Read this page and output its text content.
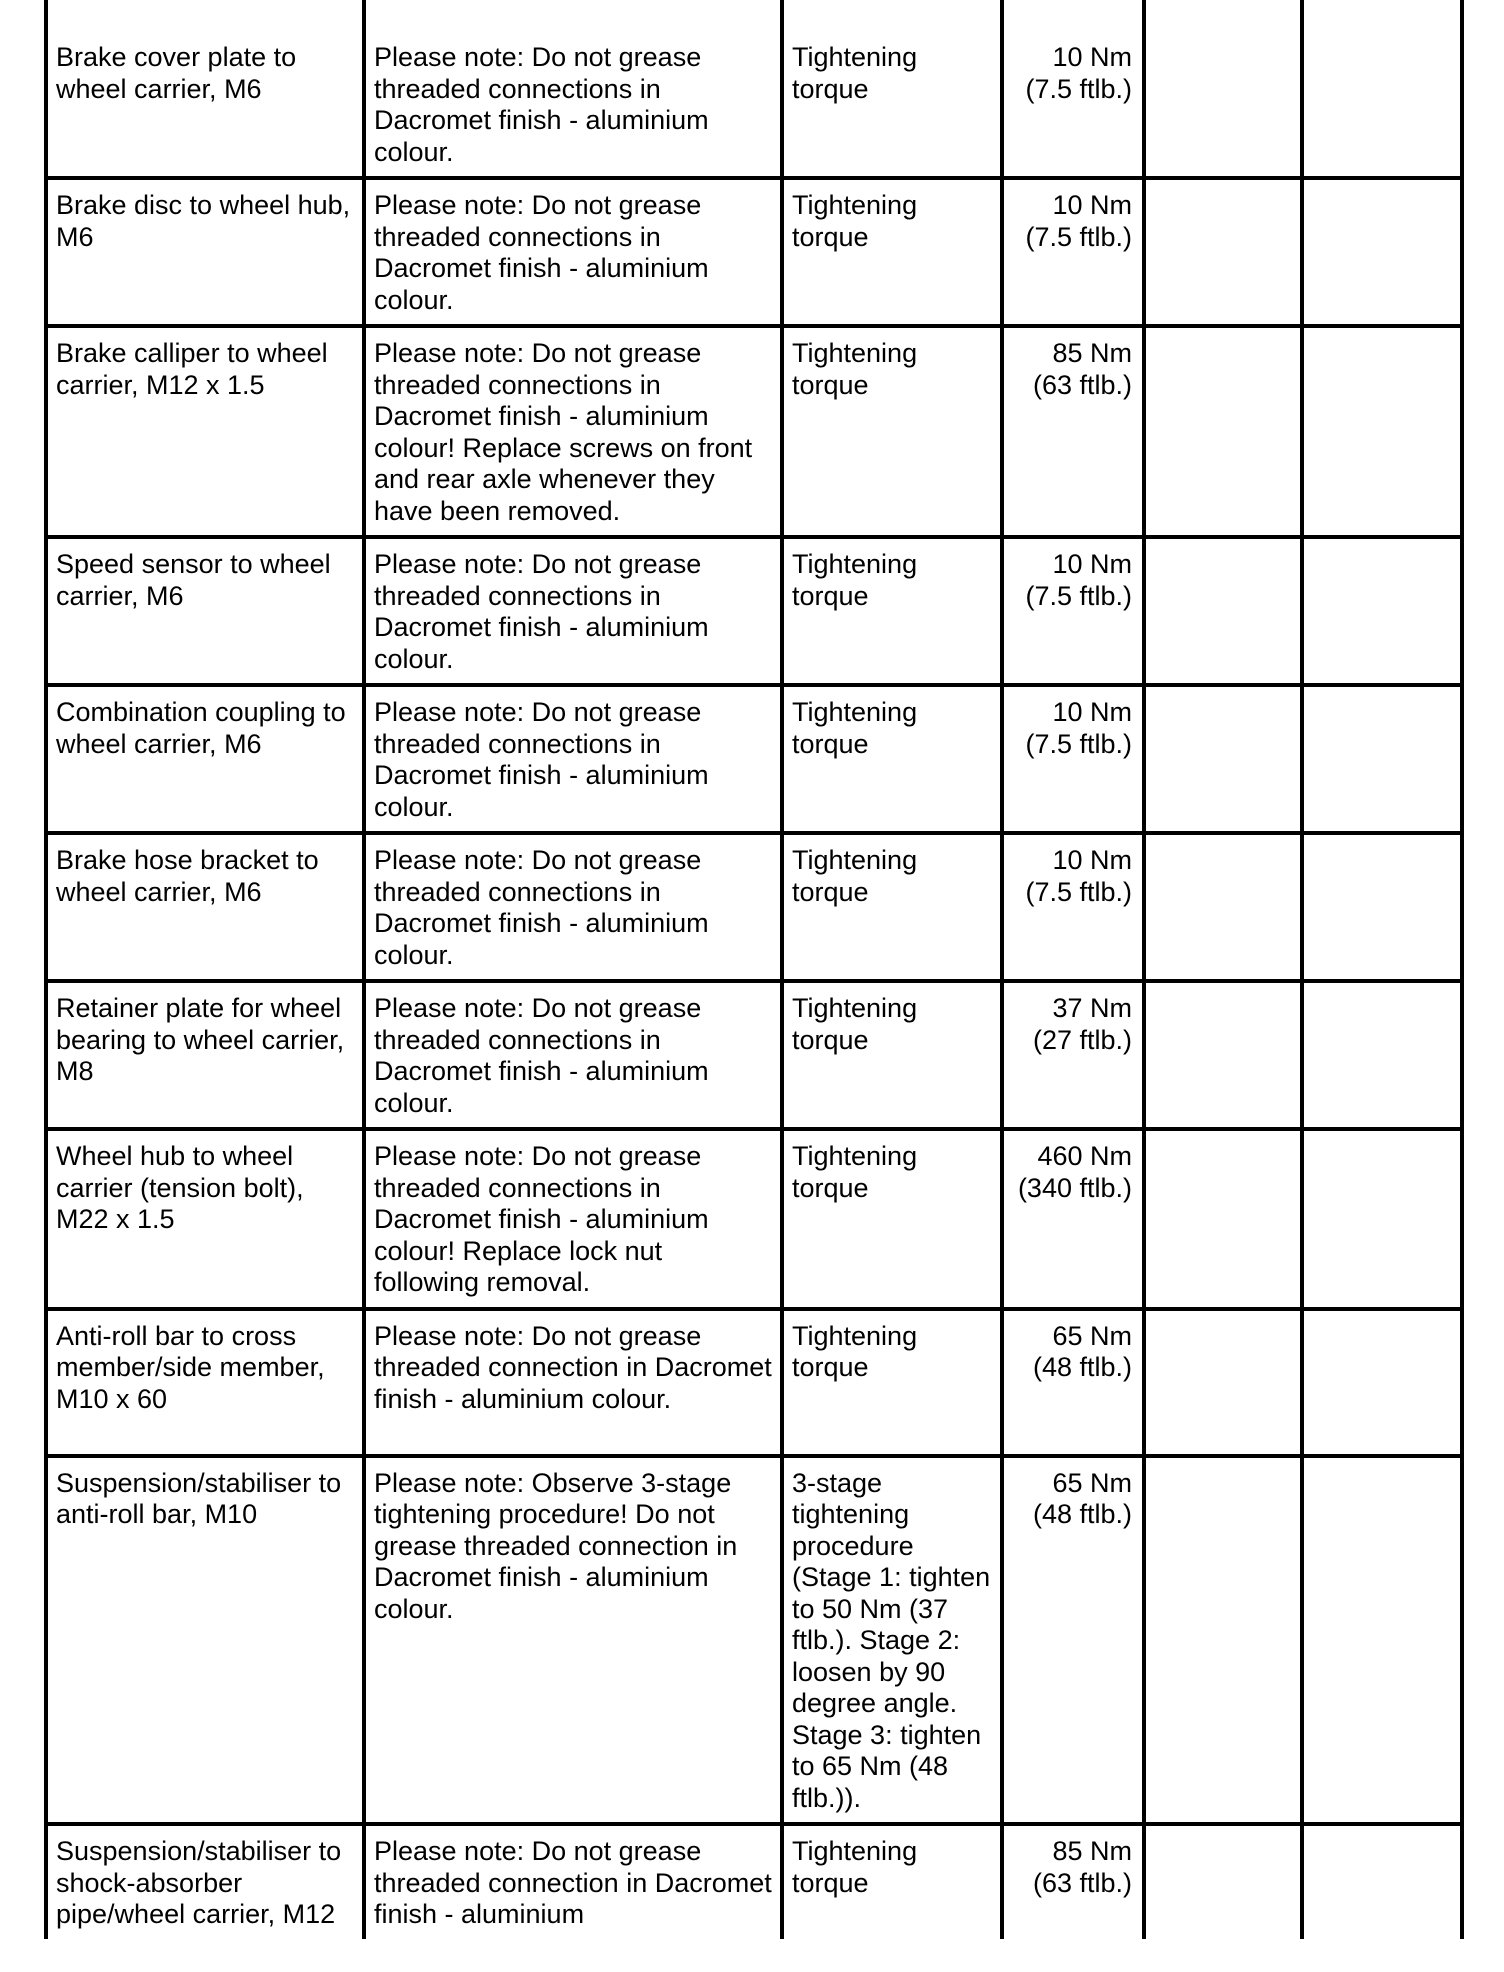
Brake cover plate to wheel carrier, M6	Please note: Do not grease threaded connections in Dacromet finish - aluminium colour.	Tightening torque	10 Nm
(7.5 ftlb.)		

Brake disc to wheel hub, M6	Please note: Do not grease threaded connections in Dacromet finish - aluminium colour.	Tightening torque	10 Nm
(7.5 ftlb.)		

Brake calliper to wheel carrier, M12 x 1.5	Please note: Do not grease threaded connections in Dacromet finish - aluminium colour! Replace screws on front and rear axle whenever they have been removed.	Tightening torque	85 Nm
(63 ftlb.)		

Speed sensor to wheel carrier, M6	Please note: Do not grease threaded connections in Dacromet finish - aluminium colour.	Tightening torque	10 Nm
(7.5 ftlb.)		

Combination coupling to wheel carrier, M6	Please note: Do not grease threaded connections in Dacromet finish - aluminium colour.	Tightening torque	10 Nm
(7.5 ftlb.)		

Brake hose bracket to wheel carrier, M6	Please note: Do not grease threaded connections in Dacromet finish - aluminium colour.	Tightening torque	10 Nm
(7.5 ftlb.)		

Retainer plate for wheel bearing to wheel carrier, M8	Please note: Do not grease threaded connections in Dacromet finish - aluminium colour.	Tightening torque	37 Nm
(27 ftlb.)		

Wheel hub to wheel carrier (tension bolt), M22 x 1.5	Please note: Do not grease threaded connections in Dacromet finish - aluminium colour! Replace lock nut following removal.	Tightening torque	460 Nm
(340 ftlb.)		

Anti-roll bar to cross member/side member, M10 x 60	Please note: Do not grease threaded connection in Dacromet finish - aluminium colour.	Tightening torque	65 Nm
(48 ftlb.)		

Suspension/stabiliser to anti-roll bar, M10	Please note: Observe 3-stage tightening procedure! Do not grease threaded connection in Dacromet finish - aluminium colour.	3-stage tightening procedure (Stage 1: tighten to 50 Nm (37 ftlb.). Stage 2: loosen by 90 degree angle. Stage 3: tighten to 65 Nm (48 ftlb.)).	65 Nm
(48 ftlb.)		

Suspension/stabiliser to shock-absorber pipe/wheel carrier, M12	Please note: Do not grease threaded connection in Dacromet finish - aluminium	Tightening torque	85 Nm
(63 ftlb.)		
